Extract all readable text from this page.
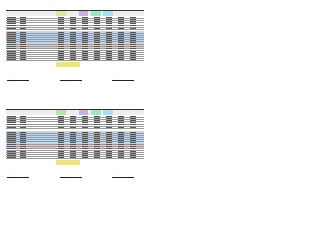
CONSOLIDATED ENGINEERING REPORT
MONTHLY ACCOMPLISHMENT REPORT (FY 2017)
PROJECT STATUS AS OF
AS OF MAY 31	AS OF MAY 31
Prepared by:
ENGR. JOHN DOE
Checked by:
ENGR. JANE DOE
Approved by:
DISTRICT ENGINEER
CONSOLIDATED ENGINEERING REPORT
MONTHLY ACCOMPLISHMENT REPORT (FY 2017)
FOR JUNE
AS OF JUNE 30	AS OF JUNE 30
Prepared by:
ENGR. JOHN DOE
Checked by:
ENGR. JANE DOE
Approved by:
DISTRICT ENGINEER
